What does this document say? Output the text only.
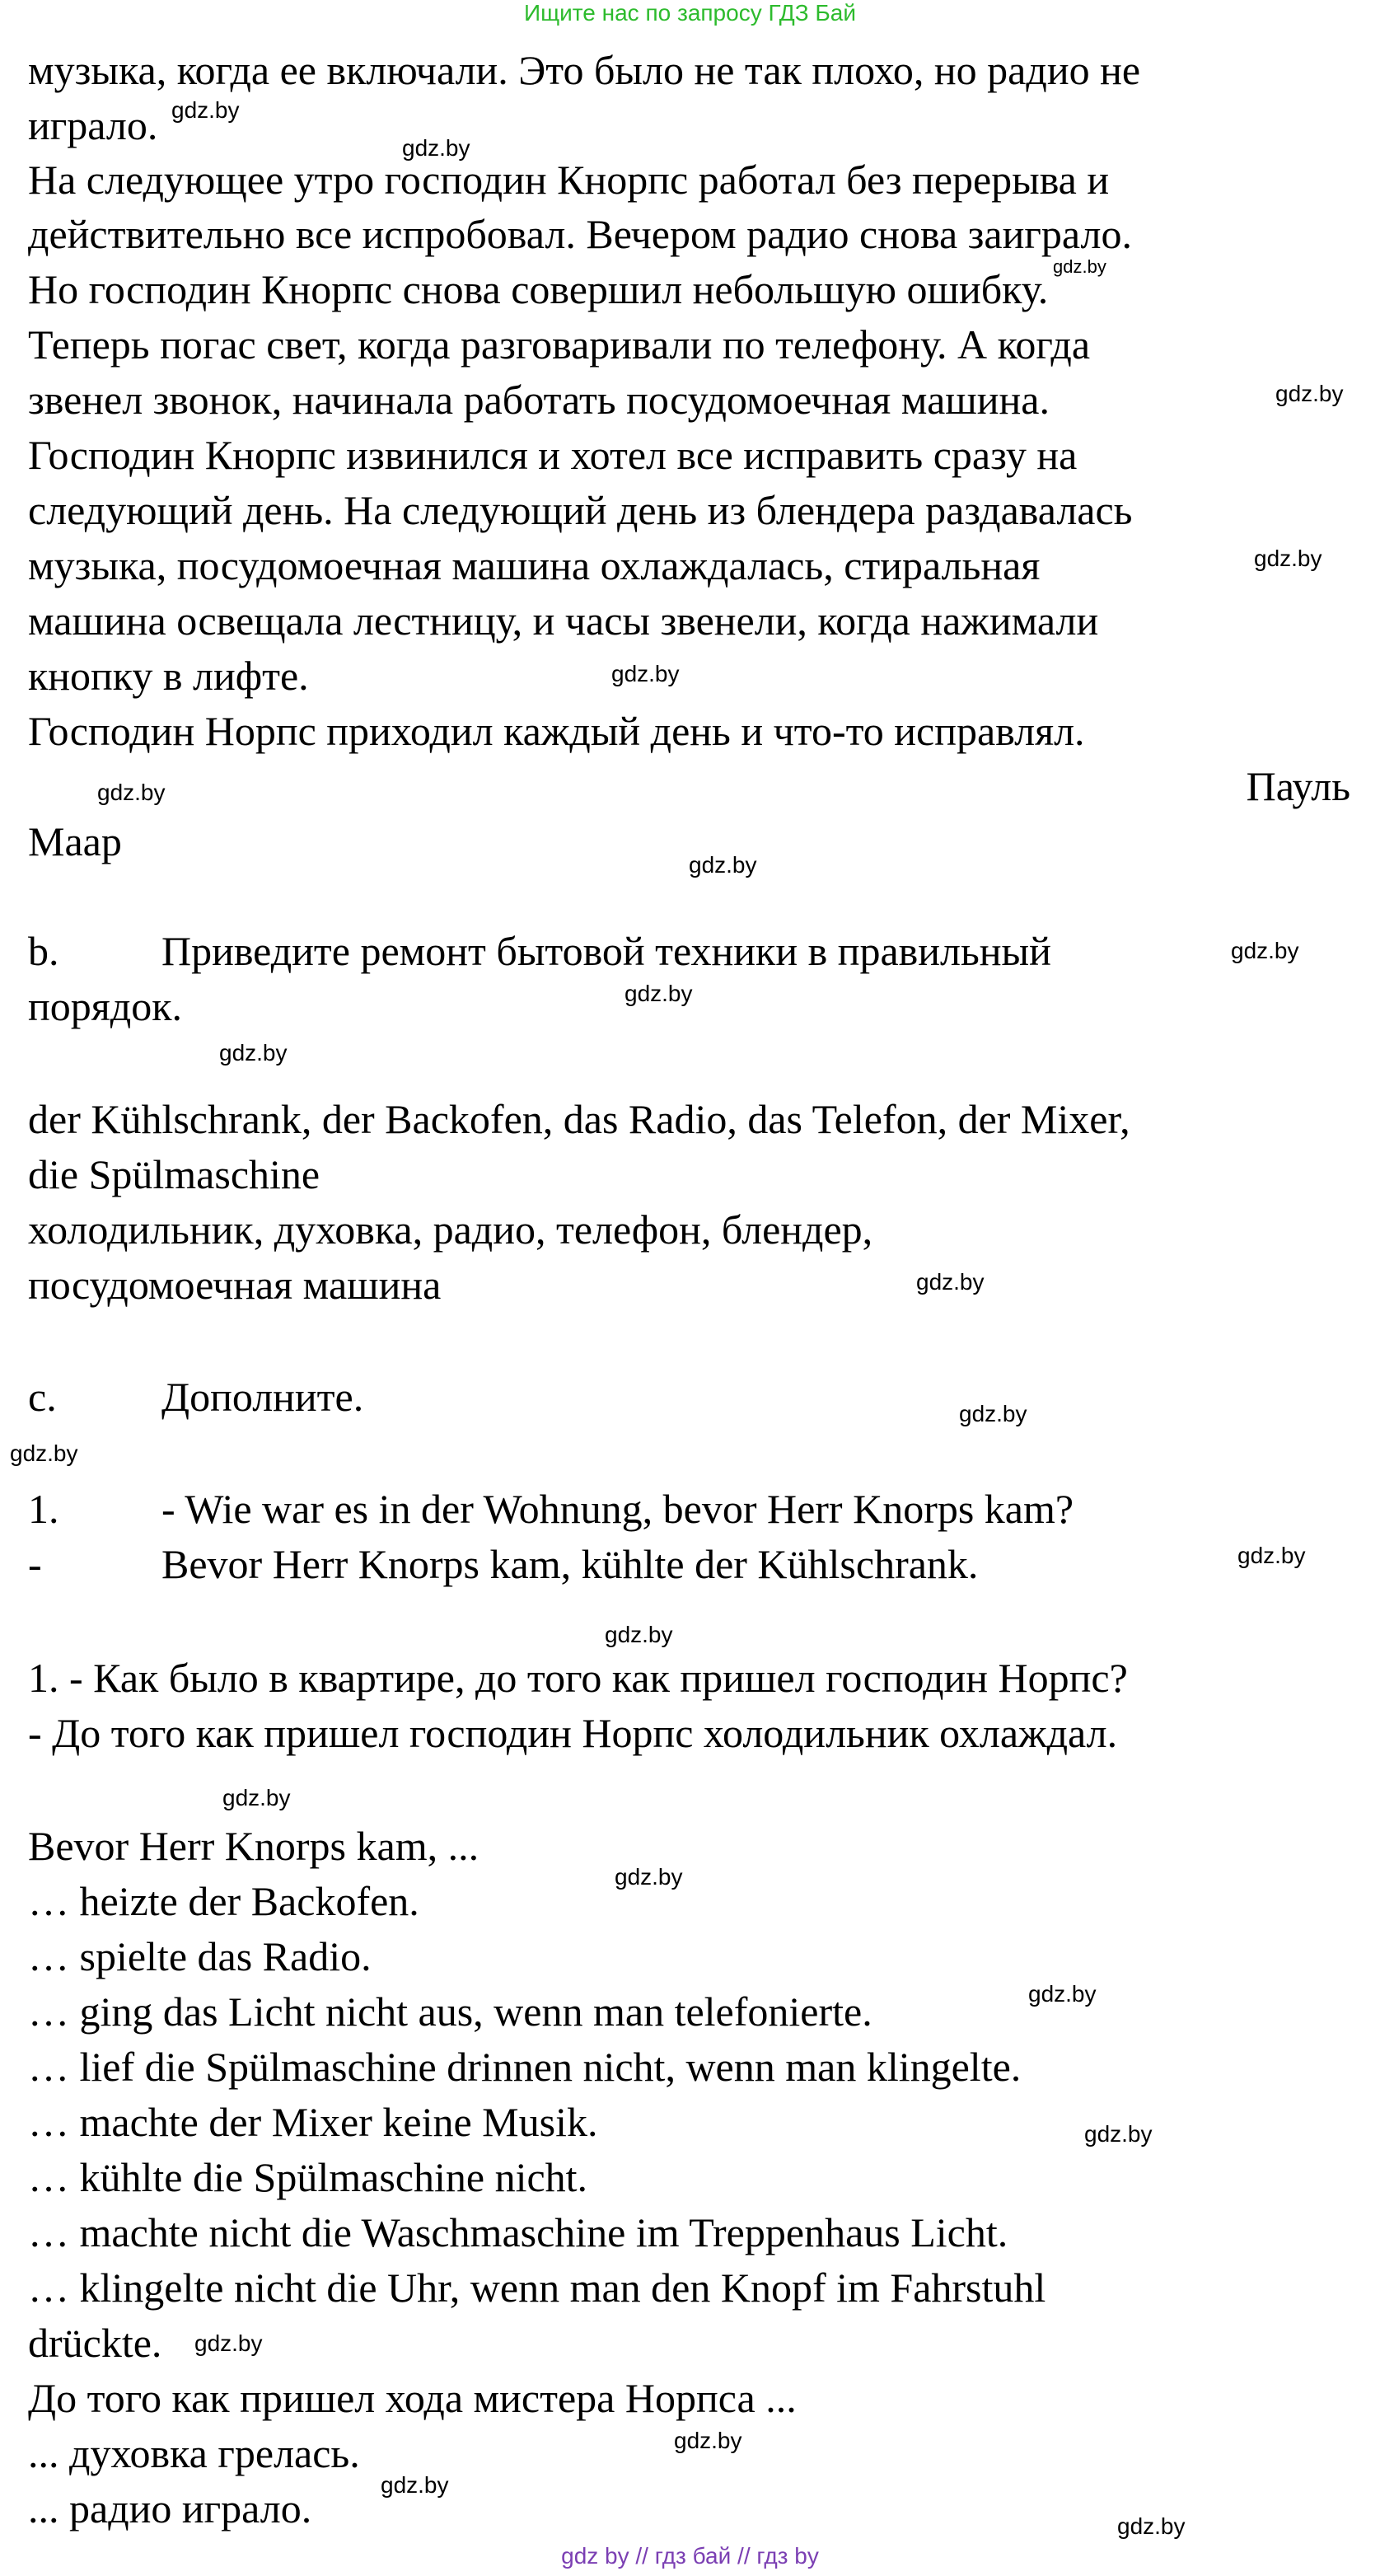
Ищите нас по запросу ГДЗ Бай
музыка, когда ее включали. Это было не так плохо, но радио не
играло.
На следующее утро господин Кнорпс работал без перерыва и
действительно все испробовал. Вечером радио снова заиграло.
Но господин Кнорпс снова совершил небольшую ошибку.
Теперь погас свет, когда разговаривали по телефону. А когда
звенел звонок, начинала работать посудомоечная машина.
Господин Кнорпс извинился и хотел все исправить сразу на
следующий день. На следующий день из блендера раздавалась
музыка, посудомоечная машина охлаждалась, стиральная
машина освещала лестницу, и часы звенели, когда нажимали
кнопку в лифте.
Господин Норпс приходил каждый день и что-то исправлял.
Пауль
Маар
b. Приведите ремонт бытовой техники в правильный
порядок.
der Kühlschrank, der Backofen, das Radio, das Telefon, der Mixer,
die Spülmaschine
холодильник, духовка, радио, телефон, блендер,
посудомоечная машина
c.	Дополните.
1. - Wie war es in der Wohnung, bevor Herr Knorps kam?
-	Bevor Herr Knorps kam, kühlte der Kühlschrank.
1. - Как было в квартире, до того как пришел господин Норпс?
- До того как пришел господин Норпс холодильник охлаждал.
Bevor Herr Knorps kam, ...
… heizte der Backofen.
… spielte das Radio.
… ging das Licht nicht aus, wenn man telefonierte.
… lief die Spülmaschine drinnen nicht, wenn man klingelte.
… machte der Mixer keine Musik.
… kühlte die Spülmaschine nicht.
… machte nicht die Waschmaschine im Treppenhaus Licht.
… klingelte nicht die Uhr, wenn man den Knopf im Fahrstuhl
drückte.
До того как пришел хода мистера Норпса ...
... духовка грелась.
... радио играло.
gdz.by
gdz.by
gdz.by
gdz.by
gdz.by
gdz.by
gdz.by
gdz.by
gdz.by
gdz.by
gdz.by
gdz.by
gdz.by
gdz.by
gdz.by
gdz.by
gdz.by
gdz.by
gdz.by
gdz.by
gdz.by
gdz.by
gdz.by
gdz.by
gdz by // гдз бай // гдз by
